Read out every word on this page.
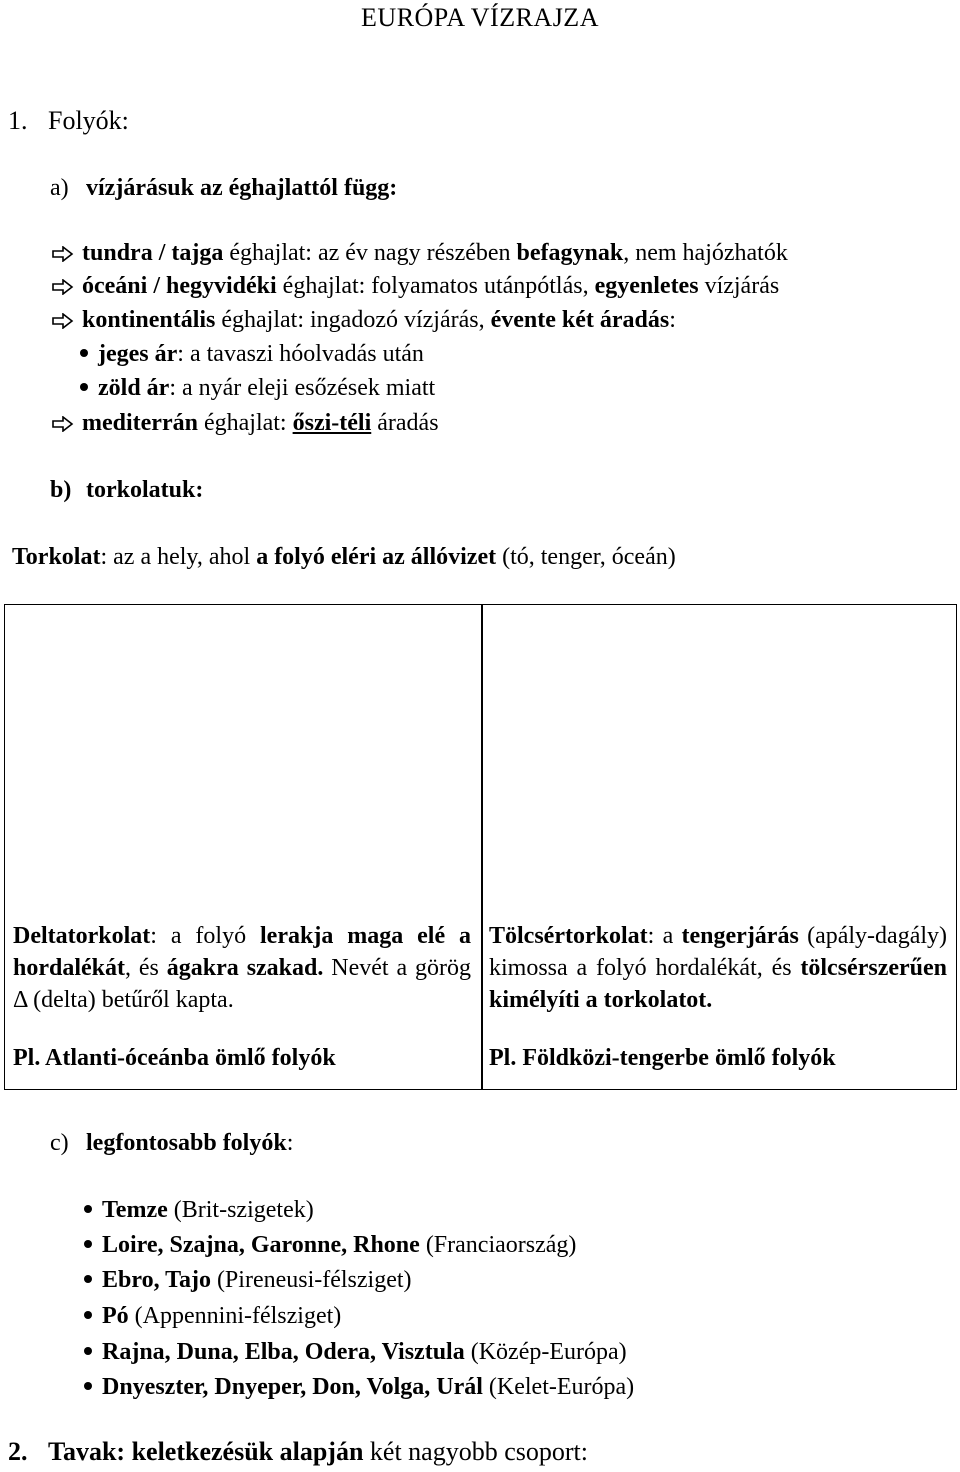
EURÓPA VÍZRAJZA
1. Folyók:
a) vízjárásuk az éghajlattól függ:
tundra / tajga éghajlat: az év nagy részében befagynak, nem hajózhatók
óceáni / hegyvidéki éghajlat: folyamatos utánpótlás, egyenletes vízjárás
kontinentális éghajlat: ingadozó vízjárás, évente két áradás:
jeges ár: a tavaszi hóolvadás után
zöld ár: a nyár eleji esőzések miatt
mediterrán éghajlat: őszi-téli áradás
b) torkolatuk:
Torkolat: az a hely, ahol a folyó eléri az állóvizet (tó, tenger, óceán)
Deltatorkolat: a folyó lerakja maga elé a hordalékát, és ágakra szakad. Nevét a görög Δ (delta) betűről kapta.
Tölcsértorkolat: a tengerjárás (apály-dagály) kimossa a folyó hordalékát, és tölcsérszerűen kimélyíti a torkolatot.
Pl. Atlanti-óceánba ömlő folyók	Pl. Földközi-tengerbe ömlő folyók
c) legfontosabb folyók:
Temze (Brit-szigetek)
Loire, Szajna, Garonne, Rhone (Franciaország)
Ebro, Tajo (Pireneusi-félsziget)
Pó (Appennini-félsziget)
Rajna, Duna, Elba, Odera, Visztula (Közép-Európa)
Dnyeszter, Dnyeper, Don, Volga, Urál (Kelet-Európa)
2. Tavak: keletkezésük alapján két nagyobb csoport:
